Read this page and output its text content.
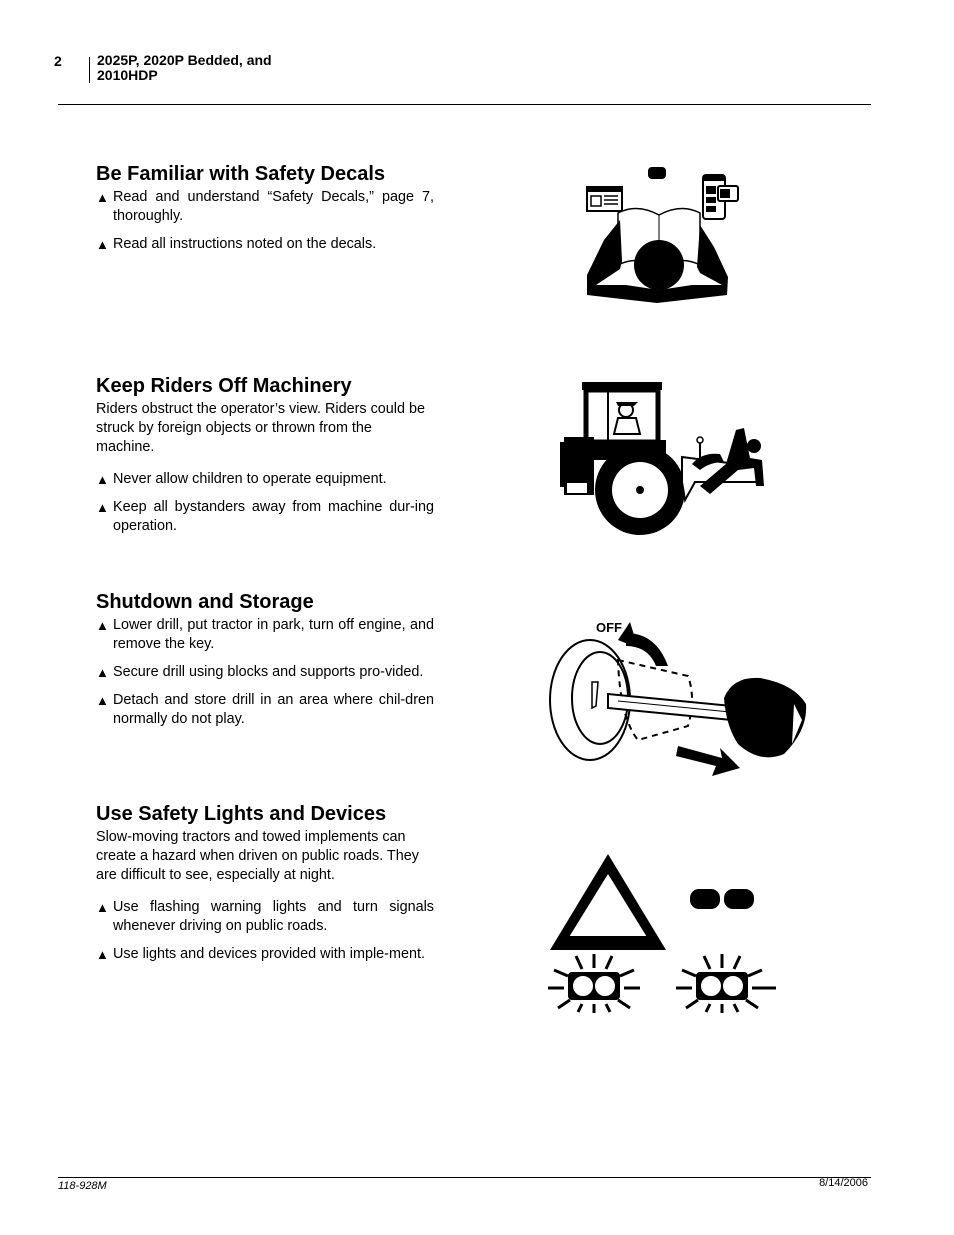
2	2025P, 2020P Bedded, and
2010HDP
Be Familiar with Safety Decals
▲ Read and understand “Safety Decals,” page 7, thoroughly.
▲ Read all instructions noted on the decals.
Keep Riders Off Machinery

Riders obstruct the operator’s view. Riders could be struck by foreign objects or thrown from the machine.

▲ Never allow children to operate equipment.
▲ Keep all bystanders away from machine dur-ing operation.
Shutdown and Storage
▲ Lower drill, put tractor in park, turn off engine, and remove the key.
▲ Secure drill using blocks and supports pro-vided.
▲ Detach and store drill in an area where chil-dren normally do not play.
Use Safety Lights and Devices

Slow-moving tractors and towed implements can create a hazard when driven on public roads. They are difficult to see, especially at night.

▲ Use flashing warning lights and turn signals whenever driving on public roads.
▲ Use lights and devices provided with imple-ment.
OFF
118-928M	8/14/2006
